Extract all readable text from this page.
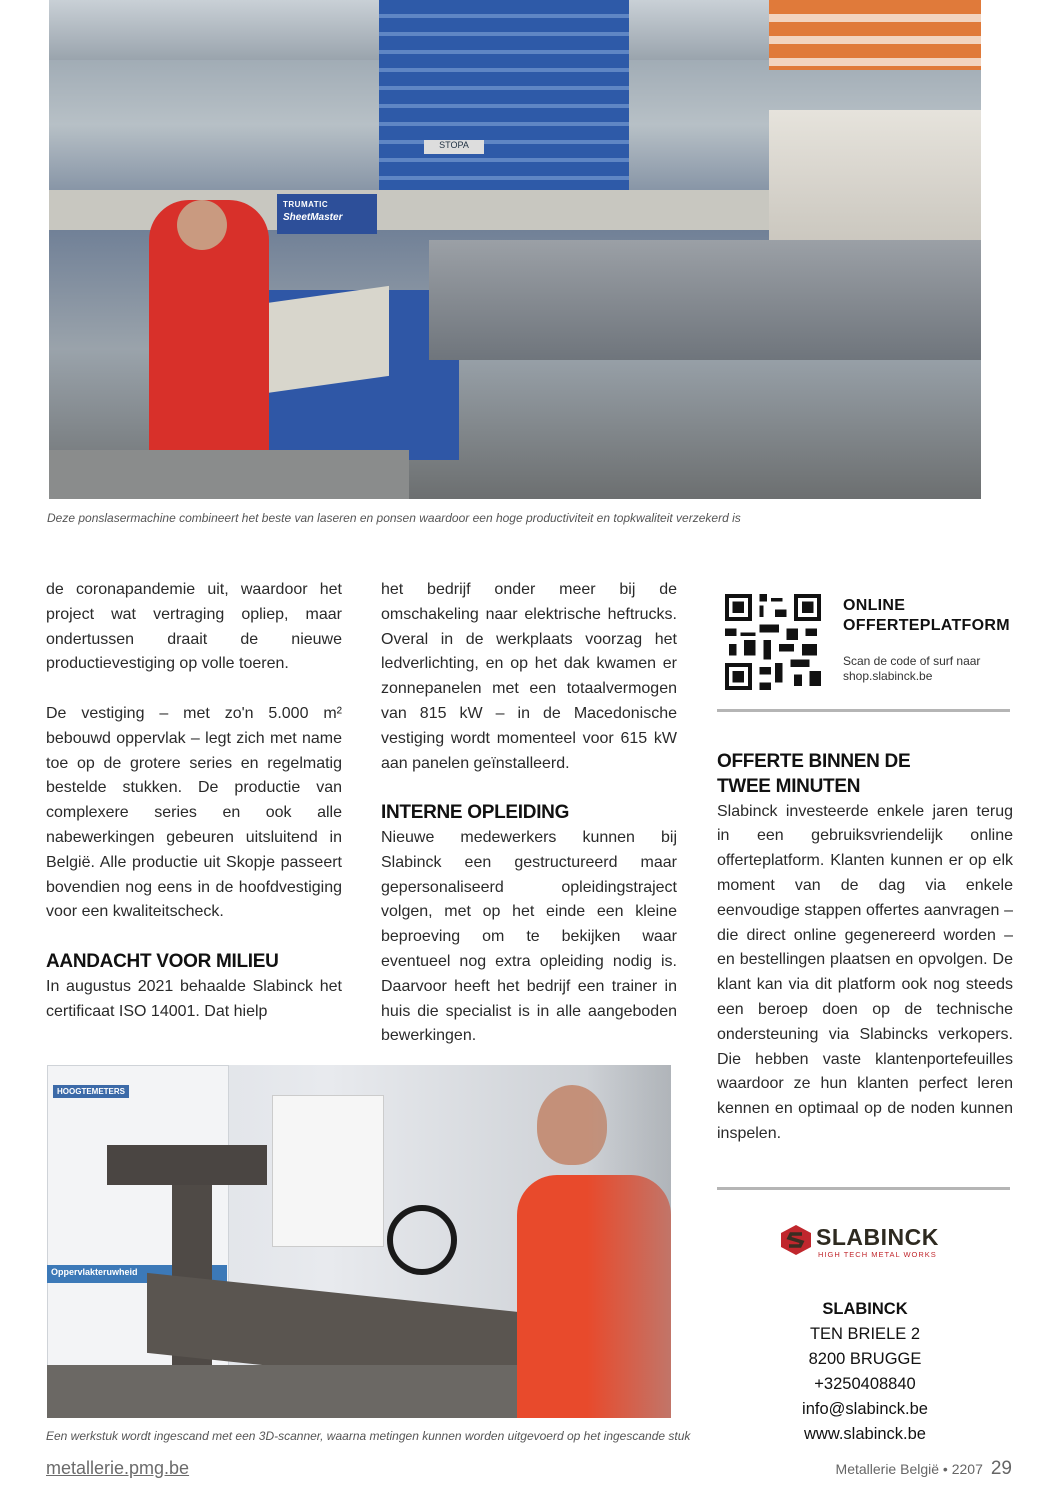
STOPA
TRUMATIC
SheetMaster
Deze ponslasermachine combineert het beste van laseren en ponsen waardoor een hoge productiviteit en topkwaliteit verzekerd is

de coronapandemie uit, waardoor het project wat vertraging opliep, maar ondertussen draait de nieuwe productievestiging op volle toeren.

De vestiging – met zo'n 5.000 m² bebouwd oppervlak – legt zich met name toe op de grotere series en regelmatig bestelde stukken. De productie van complexere series en ook alle nabewerkingen gebeuren uitsluitend in België. Alle productie uit Skopje passeert bovendien nog eens in de hoofdvestiging voor een kwaliteitscheck.

AANDACHT VOOR MILIEU

In augustus 2021 behaalde Slabinck het certificaat ISO 14001. Dat hielp

het bedrijf onder meer bij de omschakeling naar elektrische heftrucks. Overal in de werkplaats voorzag het ledverlichting, en op het dak kwamen er zonnepanelen met een totaalvermogen van 815 kW – in de Macedonische vestiging wordt momenteel voor 615 kW aan panelen geïnstalleerd.

INTERNE OPLEIDING

Nieuwe medewerkers kunnen bij Slabinck een gestructureerd maar gepersonaliseerd opleidingstraject volgen, met op het einde een kleine beproeving om te bekijken waar eventueel nog extra opleiding nodig is. Daarvoor heeft het bedrijf een trainer in huis die specialist is in alle aangeboden bewerkingen.

ONLINE
OFFERTEPLATFORM
Scan de code of surf naar
shop.slabinck.be
OFFERTE BINNEN DE
TWEE MINUTEN

Slabinck investeerde enkele jaren terug in een gebruiksvriendelijk online offerteplatform. Klanten kunnen er op elk moment van de dag via enkele eenvoudige stappen offertes aanvragen – die direct online gegenereerd worden – en bestellingen plaatsen en opvolgen. De klant kan via dit platform ook nog steeds een beroep doen op de technische ondersteuning via Slabincks verkopers. Die hebben vaste klantenportefeuilles waardoor ze hun klanten perfect leren kennen en optimaal op de noden kunnen inspelen.

SLABINCK
HIGH TECH METAL WORKS
SLABINCK
TEN BRIELE 2
8200 BRUGGE
+3250408840
info@slabinck.be
www.slabinck.be
HOOGTEMETERS
Oppervlakteruwheid
Een werkstuk wordt ingescand met een 3D-scanner, waarna metingen kunnen worden uitgevoerd op het ingescande stuk
metallerie.pmg.be	Metallerie België • 2207 29
